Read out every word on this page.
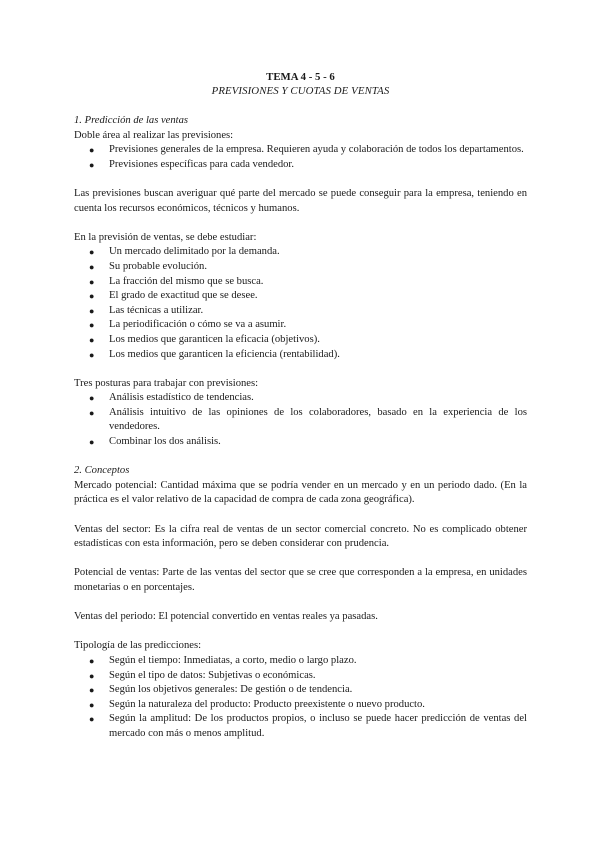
TEMA 4 - 5 - 6
PREVISIONES Y CUOTAS DE VENTAS
1. Predicción de las ventas

Doble área al realizar las previsiones:

●	Previsiones generales de la empresa. Requieren ayuda y colaboración de todos los departamentos.
●	Previsiones específicas para cada vendedor.

Las previsiones buscan averiguar qué parte del mercado se puede conseguir para la empresa, teniendo en cuenta los recursos económicos, técnicos y humanos.

En la previsión de ventas, se debe estudiar:

●	Un mercado delimitado por la demanda.
●	Su probable evolución.
●	La fracción del mismo que se busca.
●	El grado de exactitud que se desee.
●	Las técnicas a utilizar.
●	La periodificación o cómo se va a asumir.
●	Los medios que garanticen la eficacia (objetivos).
●	Los medios que garanticen la eficiencia (rentabilidad).

Tres posturas para trabajar con previsiones:

●	Análisis estadístico de tendencias.
●	Análisis intuitivo de las opiniones de los colaboradores, basado en la experiencia de los vendedores.
●	Combinar los dos análisis.
2. Conceptos

Mercado potencial: Cantidad máxima que se podría vender en un mercado y en un periodo dado. (En la práctica es el valor relativo de la capacidad de compra de cada zona geográfica).

Ventas del sector: Es la cifra real de ventas de un sector comercial concreto. No es complicado obtener estadísticas con esta información, pero se deben considerar con prudencia.

Potencial de ventas: Parte de las ventas del sector que se cree que corresponden a la empresa, en unidades monetarias o en porcentajes.

Ventas del periodo: El potencial convertido en ventas reales ya pasadas.

Tipología de las predicciones:

●	Según el tiempo: Inmediatas, a corto, medio o largo plazo.
●	Según el tipo de datos: Subjetivas o económicas.
●	Según los objetivos generales: De gestión o de tendencia.
●	Según la naturaleza del producto: Producto preexistente o nuevo producto.
●	Según la amplitud: De los productos propios, o incluso se puede hacer predicción de ventas del mercado con más o menos amplitud.
